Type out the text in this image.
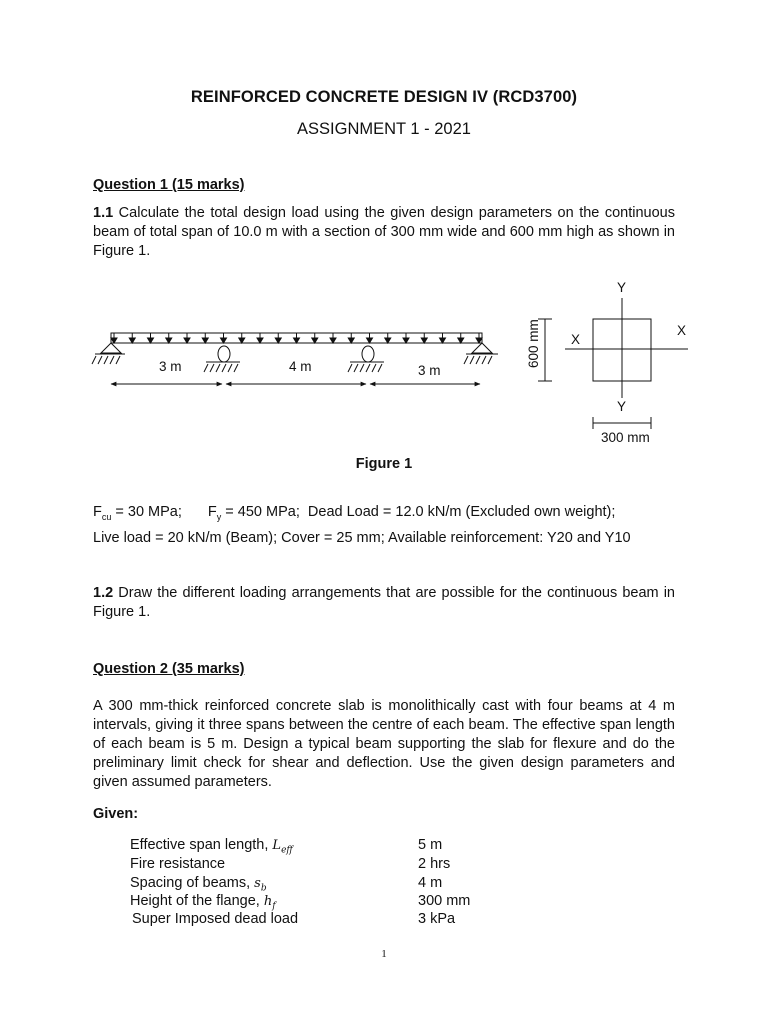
REINFORCED CONCRETE DESIGN IV (RCD3700)
ASSIGNMENT 1 - 2021
Question 1 (15 marks)
1.1 Calculate the total design load using the given design parameters on the continuous beam of total span of 10.0 m with a section of 300 mm wide and 600 mm high as shown in Figure 1.
3 m	4 m	3 m
Y
Y
X
X
600 mm
300 mm
Figure 1
$F_{cu} = 30$ MPa; $F_y = 450$ MPa;  Dead Load = 12.0 kN/m (Excluded own weight);
Live load = 20 kN/m (Beam); Cover = 25 mm; Available reinforcement: Y20 and Y10
1.2 Draw the different loading arrangements that are possible for the continuous beam in Figure 1.
Question 2 (35 marks)
A 300 mm-thick reinforced concrete slab is monolithically cast with four beams at 4 m intervals, giving it three spans between the centre of each beam. The effective span length of each beam is 5 m. Design a typical beam supporting the slab for flexure and do the preliminary limit check for shear and deflection. Use the given design parameters and given assumed parameters.
Given:
Effective span length, $L_{eff}$	5 m
Fire resistance	2 hrs
Spacing of beams, $s_b$	4 m
Height of the flange, $h_f$	300 mm
Super Imposed dead load	3 kPa
1
